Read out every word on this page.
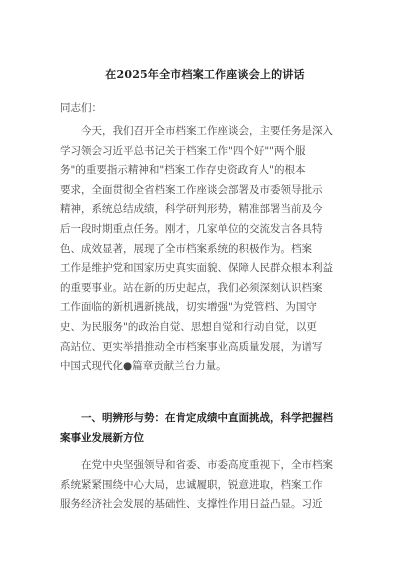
在2025年全市档案工作座谈会上的讲话
同志们：
今天，我们召开全市档案工作座谈会，主要任务是深入
学习领会习近平总书记关于档案工作"四个好""两个服
务"的重要指示精神和"档案工作存史资政育人"的根本
要求，全面贯彻全省档案工作座谈会部署及市委领导批示
精神，系统总结成绩，科学研判形势，精准部署当前及今
后一段时期重点任务。刚才，几家单位的交流发言各具特
色、成效显著，展现了全市档案系统的积极作为。档案
工作是维护党和国家历史真实面貌、保障人民群众根本利益
的重要事业。站在新的历史起点，我们必须深刻认识档案
工作面临的新机遇新挑战，切实增强"为党管档、为国守
史、为民服务"的政治自觉、思想自觉和行动自觉，以更
高站位、更实举措推动全市档案事业高质量发展，为谱写
中国式现代化●篇章贡献兰台力量。
一、明辨形与势：在肯定成绩中直面挑战，科学把握档
案事业发展新方位
在党中央坚强领导和省委、市委高度重视下，全市档案
系统紧紧围绕中心大局，忠诚履职，锐意进取，档案工作
服务经济社会发展的基础性、支撑性作用日益凸显。习近
